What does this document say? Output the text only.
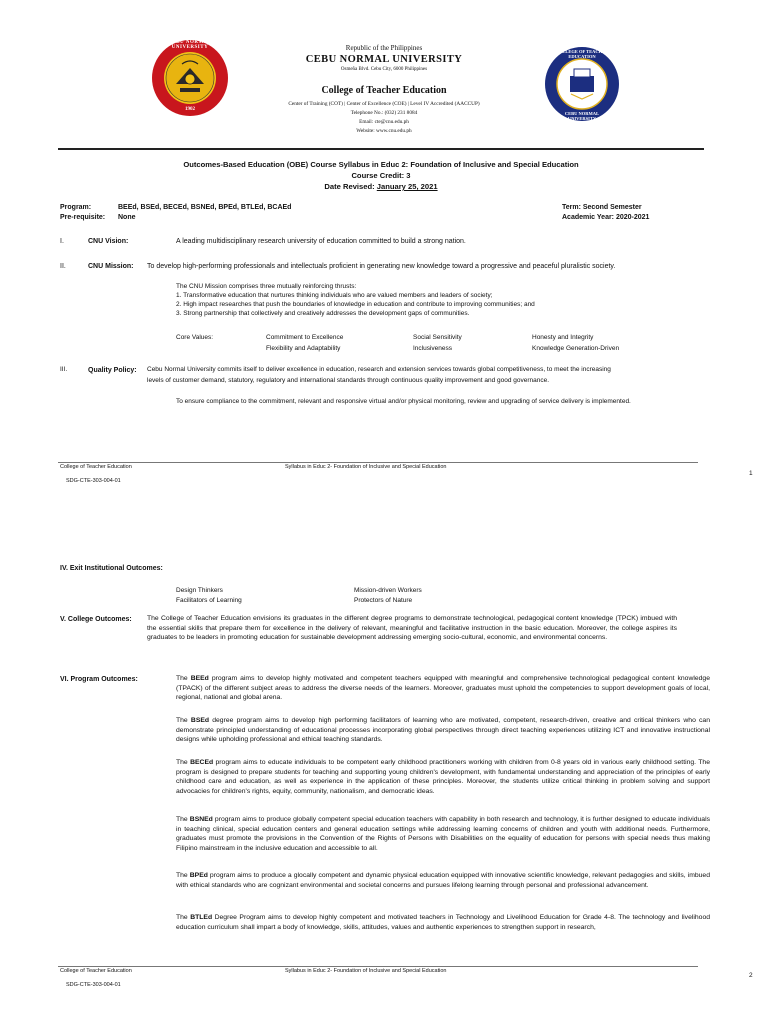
CEBU NORMAL UNIVERSITY
1902
COLLEGE OF TEACHER EDUCATION
CEBU NORMAL UNIVERSITY
Republic of the Philippines
CEBU NORMAL UNIVERSITY
Osmeña Blvd. Cebu City, 6000 Philippines
College of Teacher Education
Center of Training (COT) | Center of Excellence (COE) | Level IV Accredited (AACCUP)
Telephone No.: (032) 231 8084
Email: cte@cnu.edu.ph
Website: www.cnu.edu.ph
Outcomes-Based Education (OBE) Course Syllabus in Educ 2: Foundation of Inclusive and Special Education
Course Credit: 3
Date Revised: January 25, 2021
Program:	BEEd, BSEd, BECEd, BSNEd, BPEd, BTLEd, BCAEd
Pre-requisite: None
Term: Second Semester
Academic Year: 2020-2021
I.	CNU Vision:	A leading multidisciplinary research university of education committed to build a strong nation.
II.	CNU Mission: To develop high-performing professionals and intellectuals proficient in generating new knowledge toward a progressive and peaceful pluralistic society.
The CNU Mission comprises three mutually reinforcing thrusts:
1. Transformative education that nurtures thinking individuals who are valued members and leaders of society;
2. High impact researches that push the boundaries of knowledge in education and contribute to improving communities; and
3. Strong partnership that collectively and creatively addresses the development gaps of communities.
Core Values:	Commitment to Excellence	Social Sensitivity	Honesty and Integrity
Flexibility and Adaptability	Inclusiveness	Knowledge Generation-Driven
III.	Quality Policy: Cebu Normal University commits itself to deliver excellence in education, research and extension services towards global competitiveness, to meet the increasing
levels of customer demand, statutory, regulatory and international standards through continuous quality improvement and good governance.
To ensure compliance to the commitment, relevant and responsive virtual and/or physical monitoring, review and upgrading of service delivery is implemented.
College of Teacher Education	Syllabus in Educ 2- Foundation of Inclusive and Special Education
SDG-CTE-303-004-01
1
IV. Exit Institutional Outcomes:
Design Thinkers	Mission-driven Workers
Facilitators of Learning	Protectors of Nature
V. College Outcomes: The College of Teacher Education envisions its graduates in the different degree programs to demonstrate technological, pedagogical content knowledge (TPCK) imbued with the essential skills that prepare them for excellence in the delivery of relevant, meaningful and facilitative instruction in the basic education. Moreover, the college aspires its graduates to be leaders in promoting education for sustainable development addressing emerging socio-cultural, economic, and environmental concerns.
VI. Program Outcomes:	The BEEd program aims to develop highly motivated and competent teachers equipped with meaningful and comprehensive technological pedagogical content knowledge (TPACK) of the different subject areas to address the diverse needs of the learners. Moreover, graduates must uphold the competencies to support development goals of local, regional, national and global arena.
The BSEd degree program aims to develop high performing facilitators of learning who are motivated, competent, research-driven, creative and critical thinkers who can demonstrate principled understanding of educational processes incorporating global perspectives through direct teaching experiences utilizing ICT and innovative instructional designs while upholding professional and ethical teaching standards.
The BECEd program aims to educate individuals to be competent early childhood practitioners working with children from 0-8 years old in various early childhood setting. The program is designed to prepare students for teaching and supporting young children's development, with fundamental understanding and appreciation of the principles of early childhood care and education, as well as experience in the application of these principles. Moreover, the students utilize critical thinking in problem solving and support advocacies for children's rights, equity, community, nationalism, and democratic ideas.
The BSNEd program aims to produce globally competent special education teachers with capability in both research and technology, it is further designed to educate individuals in teaching clinical, special education centers and general education settings while addressing learning concerns of children and youth with additional needs. Furthermore, graduates must promote the provisions in the Convention of the Rights of Persons with Disabilities on the equality of education for persons with special needs thus making Filipino mainstream in the inclusive education and accessible to all.
The BPEd program aims to produce a glocally competent and dynamic physical education equipped with innovative scientific knowledge, relevant pedagogies and skills, imbued with ethical standards who are cognizant environmental and societal concerns and pursues lifelong learning through personal and professional advancement.
The BTLEd Degree Program aims to develop highly competent and motivated teachers in Technology and Livelihood Education for Grade 4-8. The technology and livelihood education curriculum shall impart a body of knowledge, skills, attitudes, values and authentic experiences to strengthen support in research,
College of Teacher Education	Syllabus in Educ 2- Foundation of Inclusive and Special Education
SDG-CTE-303-004-01
2
